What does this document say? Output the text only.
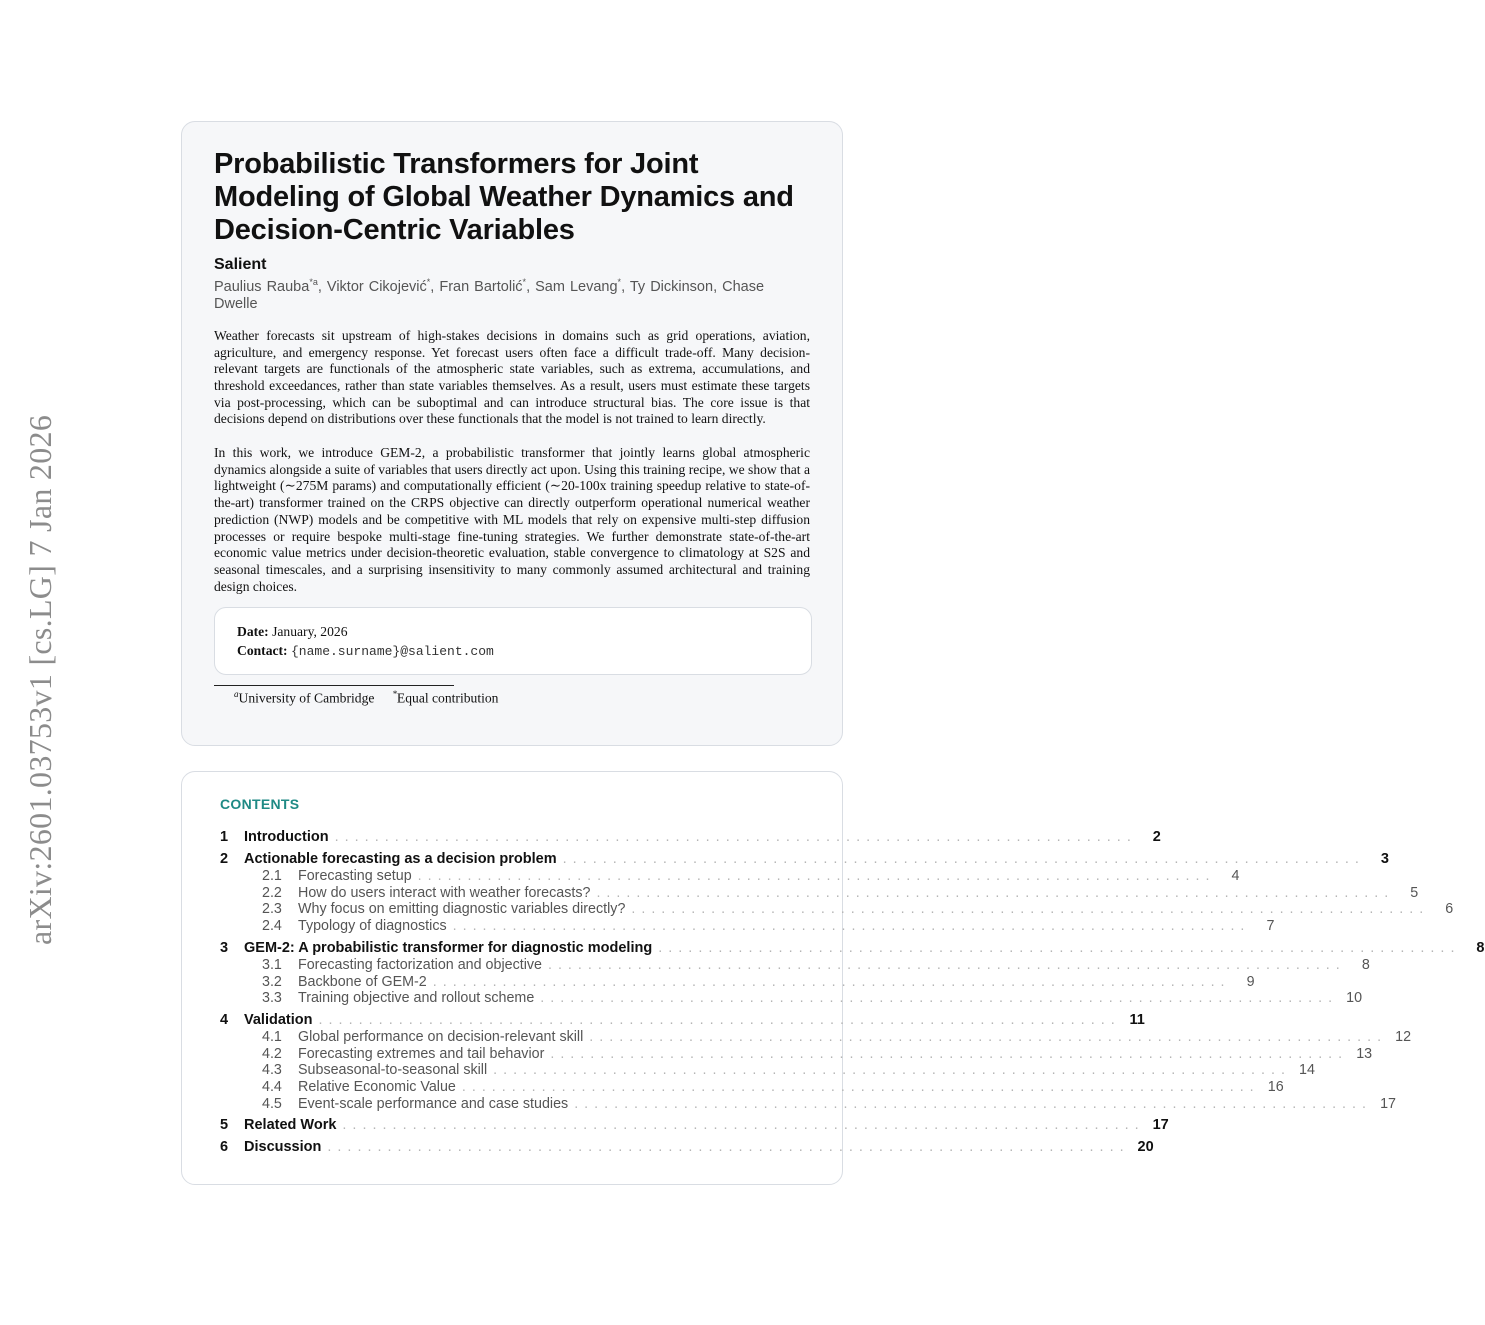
arXiv:2601.03753v1 [cs.LG] 7 Jan 2026
Probabilistic Transformers for Joint Modeling of Global Weather Dynamics and Decision-Centric Variables
Salient
Paulius Rauba$^{*a}$, Viktor Cikojević*, Fran Bartolić*, Sam Levang*, Ty Dickinson, Chase Dwelle

Weather forecasts sit upstream of high-stakes decisions in domains such as grid operations, aviation, agriculture, and emergency response. Yet forecast users often face a difficult trade-off. Many decision-relevant targets are functionals of the atmospheric state variables, such as extrema, accumulations, and threshold exceedances, rather than state variables themselves. As a result, users must estimate these targets via post-processing, which can be suboptimal and can introduce structural bias. The core issue is that decisions depend on distributions over these functionals that the model is not trained to learn directly.

In this work, we introduce GEM-2, a probabilistic transformer that jointly learns global atmospheric dynamics alongside a suite of variables that users directly act upon. Using this training recipe, we show that a lightweight (∼275M params) and computationally efficient (∼20-100x training speedup relative to state-of-the-art) transformer trained on the CRPS objective can directly outperform operational numerical weather prediction (NWP) models and be competitive with ML models that rely on expensive multi-step diffusion processes or require bespoke multi-stage fine-tuning strategies. We further demonstrate state-of-the-art economic value metrics under decision-theoretic evaluation, stable convergence to climatology at S2S and seasonal timescales, and a surprising insensitivity to many commonly assumed architectural and training design choices.

Date: January, 2026
Contact: {name.surname}@salient.com
$^a$University of Cambridge *Equal contribution
CONTENTS
1	Introduction ................................................................................	2
2	Actionable forecasting as a decision problem ................................................................................	3
2.1	Forecasting setup ................................................................................	4
2.2	How do users interact with weather forecasts? ................................................................................	5
2.3	Why focus on emitting diagnostic variables directly? ................................................................................	6
2.4	Typology of diagnostics ................................................................................	7
3	GEM-2: A probabilistic transformer for diagnostic modeling ................................................................................	8
3.1	Forecasting factorization and objective ................................................................................	8
3.2	Backbone of GEM-2 ................................................................................	9
3.3	Training objective and rollout scheme ................................................................................ 10
4	Validation ................................................................................ 11
4.1	Global performance on decision-relevant skill ................................................................................ 12
4.2	Forecasting extremes and tail behavior ................................................................................ 13
4.3	Subseasonal-to-seasonal skill ................................................................................ 14
4.4	Relative Economic Value ................................................................................ 16
4.5	Event-scale performance and case studies ................................................................................ 17
5	Related Work ................................................................................ 17
6	Discussion ................................................................................ 20
